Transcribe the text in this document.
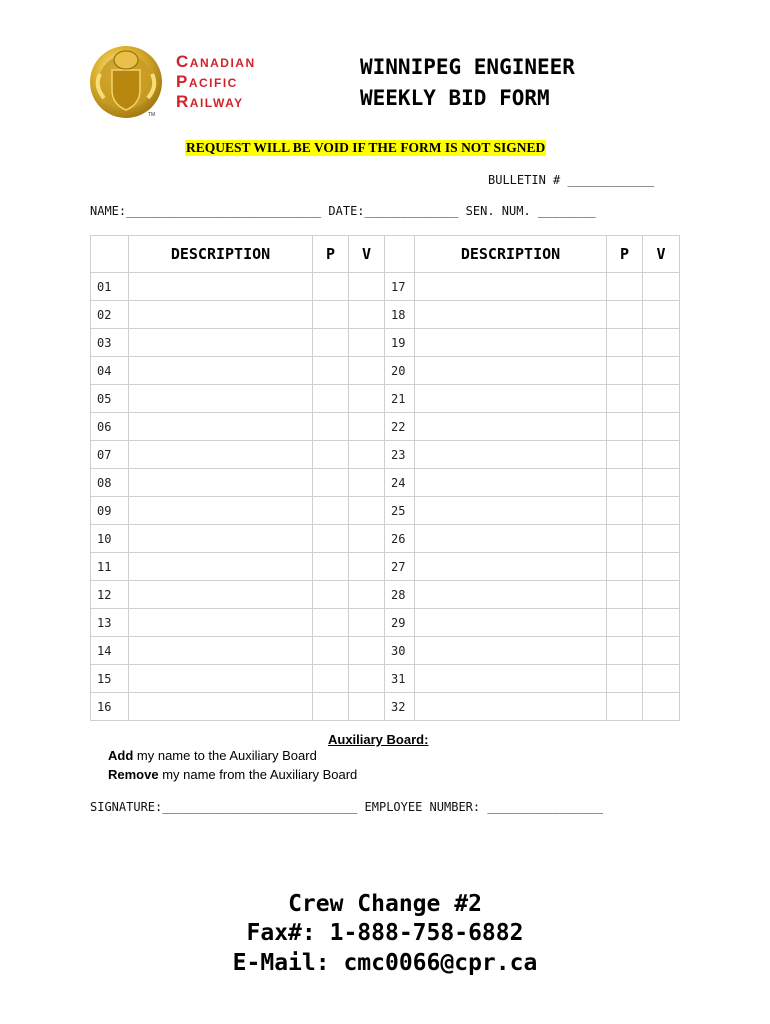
Canadian
Pacific
Railway
TM
WINNIPEG ENGINEER
WEEKLY BID FORM
REQUEST WILL BE VOID IF THE FORM IS NOT SIGNED
BULLETIN # ____________
NAME:___________________________ DATE:_____________ SEN. NUM. ________
	DESCRIPTION	P	V		DESCRIPTION	P	V
01				17			
02				18			
03				19			
04				20			
05				21			
06				22			
07				23			
08				24			
09				25			
10				26			
11				27			
12				28			
13				29			
14				30			
15				31			
16				32			
Auxiliary Board:
Add my name to the Auxiliary Board
Remove my name from the Auxiliary Board
SIGNATURE:___________________________ EMPLOYEE NUMBER: ________________
Crew Change #2
Fax#: 1-888-758-6882
E-Mail: cmc0066@cpr.ca
